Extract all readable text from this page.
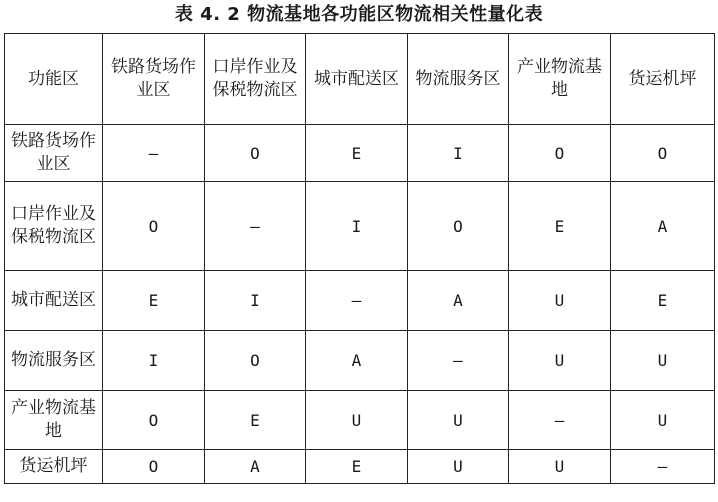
表 4. 2 物流基地各功能区物流相关性量化表
功能区	铁路货场作业区	口岸作业及保税物流区	城市配送区	物流服务区	产业物流基地	货运机坪
铁路货场作业区	–	O	E	I	O	O
口岸作业及保税物流区	O	–	I	O	E	A
城市配送区	E	I	–	A	U	E
物流服务区	I	O	A	–	U	U
产业物流基地	O	E	U	U	–	U
货运机坪	O	A	E	U	U	–
